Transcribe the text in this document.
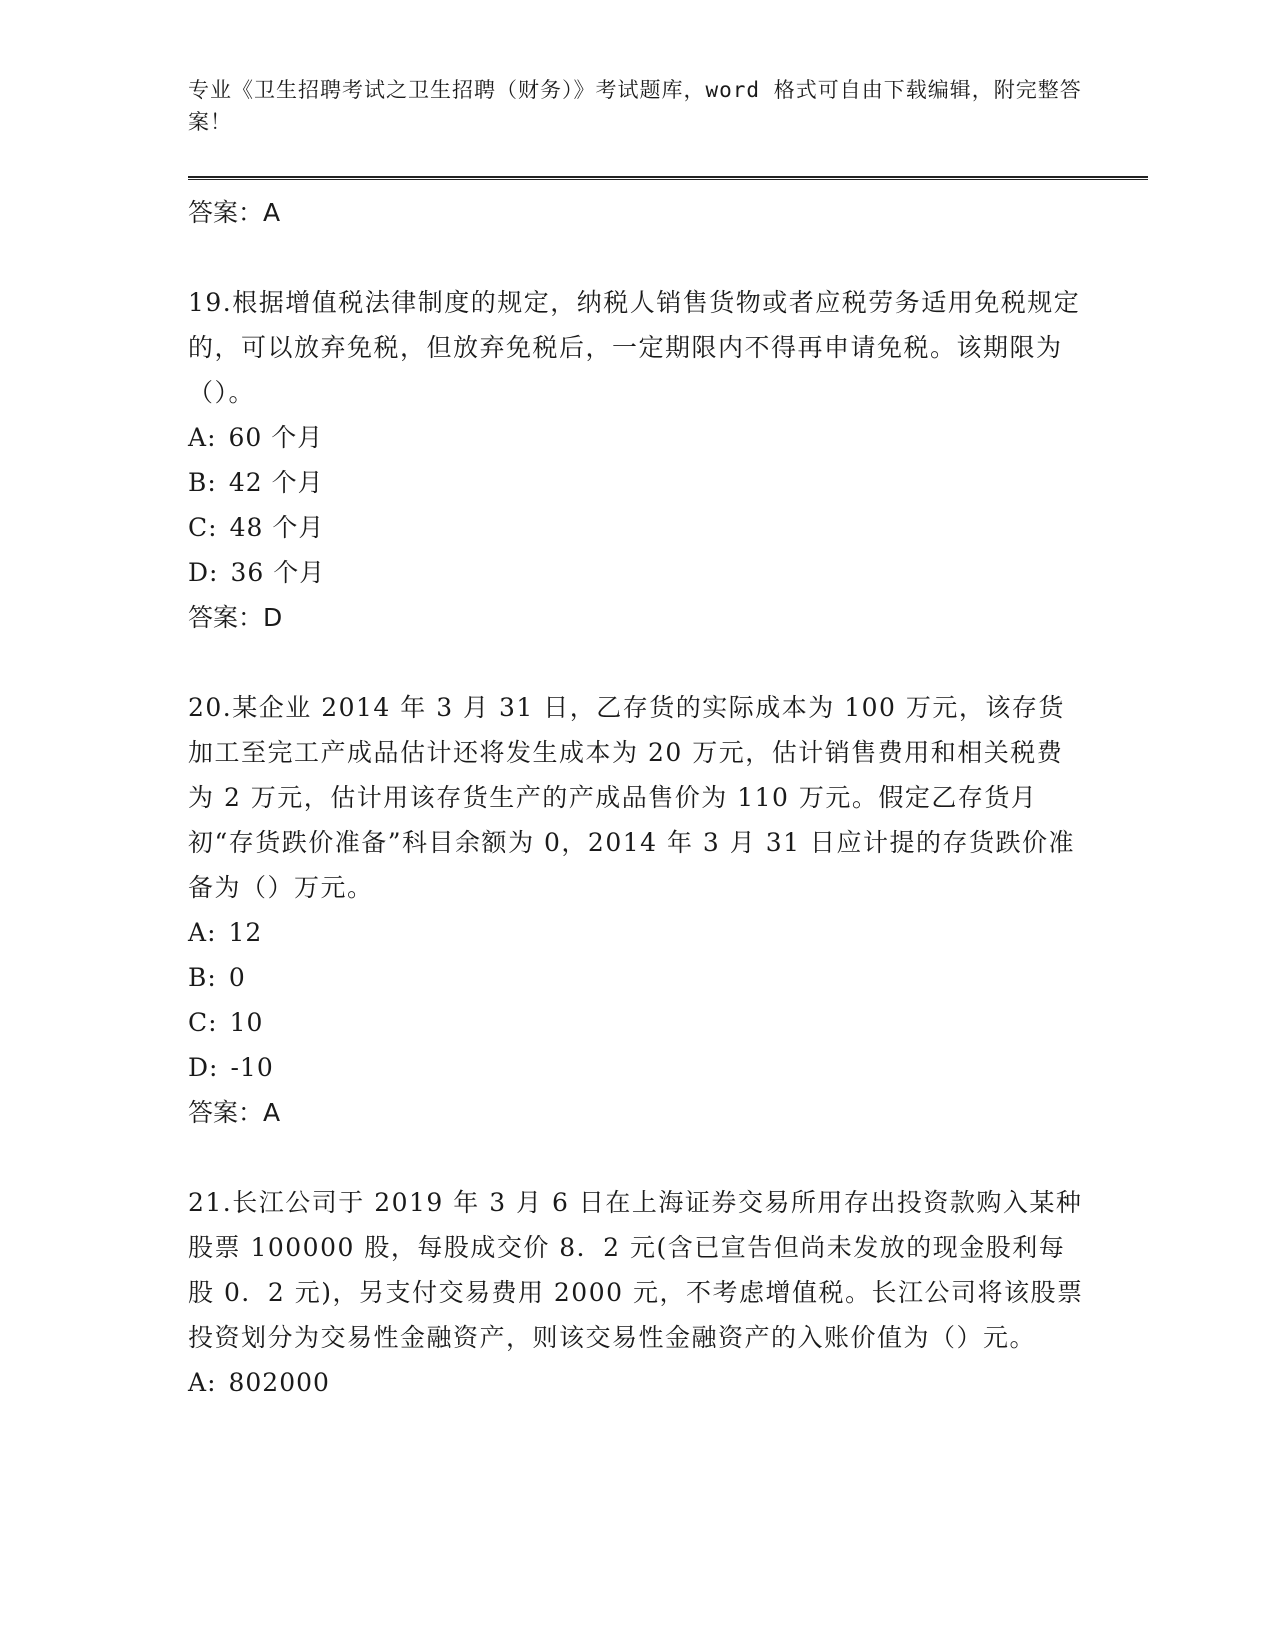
专业《卫生招聘考试之卫生招聘（财务）》考试题库，word 格式可自由下载编辑，附完整答案！

答案：A

19.根据增值税法律制度的规定，纳税人销售货物或者应税劳务适用免税规定的，可以放弃免税，但放弃免税后，一定期限内不得再申请免税。该期限为（）。

A: 60 个月

B: 42 个月

C: 48 个月

D: 36 个月

答案：D

20.某企业 2014 年 3 月 31 日，乙存货的实际成本为 100 万元，该存货加工至完工产成品估计还将发生成本为 20 万元，估计销售费用和相关税费为 2 万元，估计用该存货生产的产成品售价为 110 万元。假定乙存货月初“存货跌价准备”科目余额为 0，2014 年 3 月 31 日应计提的存货跌价准备为（）万元。

A: 12

B: 0

C: 10

D: -10

答案：A

21.长江公司于 2019 年 3 月 6 日在上海证券交易所用存出投资款购入某种股票 100000 股，每股成交价 8．2 元(含已宣告但尚未发放的现金股利每股 0．2 元)，另支付交易费用 2000 元，不考虑增值税。长江公司将该股票投资划分为交易性金融资产，则该交易性金融资产的入账价值为（）元。

A: 802000
